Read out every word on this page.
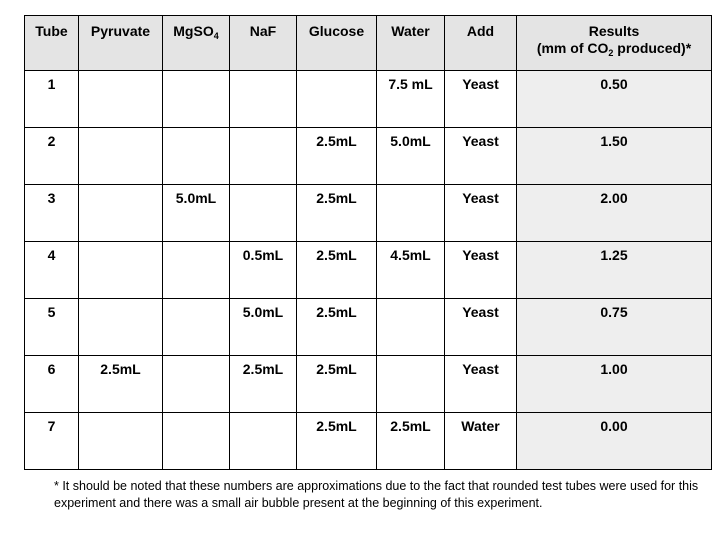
Tube	Pyruvate	MgSO$_4$	NaF	Glucose	Water	Add	Results
(mm of $CO_2$ produced)*

1					7.5 mL	Yeast	0.50
2				2.5mL	5.0mL	Yeast	1.50
3		5.0mL		2.5mL		Yeast	2.00
4			0.5mL	2.5mL	4.5mL	Yeast	1.25
5			5.0mL	2.5mL		Yeast	0.75
6	2.5mL		2.5mL	2.5mL		Yeast	1.00
7				2.5mL	2.5mL	Water	0.00
* It should be noted that these numbers are approximations due to the fact that rounded test tubes were used for this experiment and there was a small air bubble present at the beginning of this experiment.
